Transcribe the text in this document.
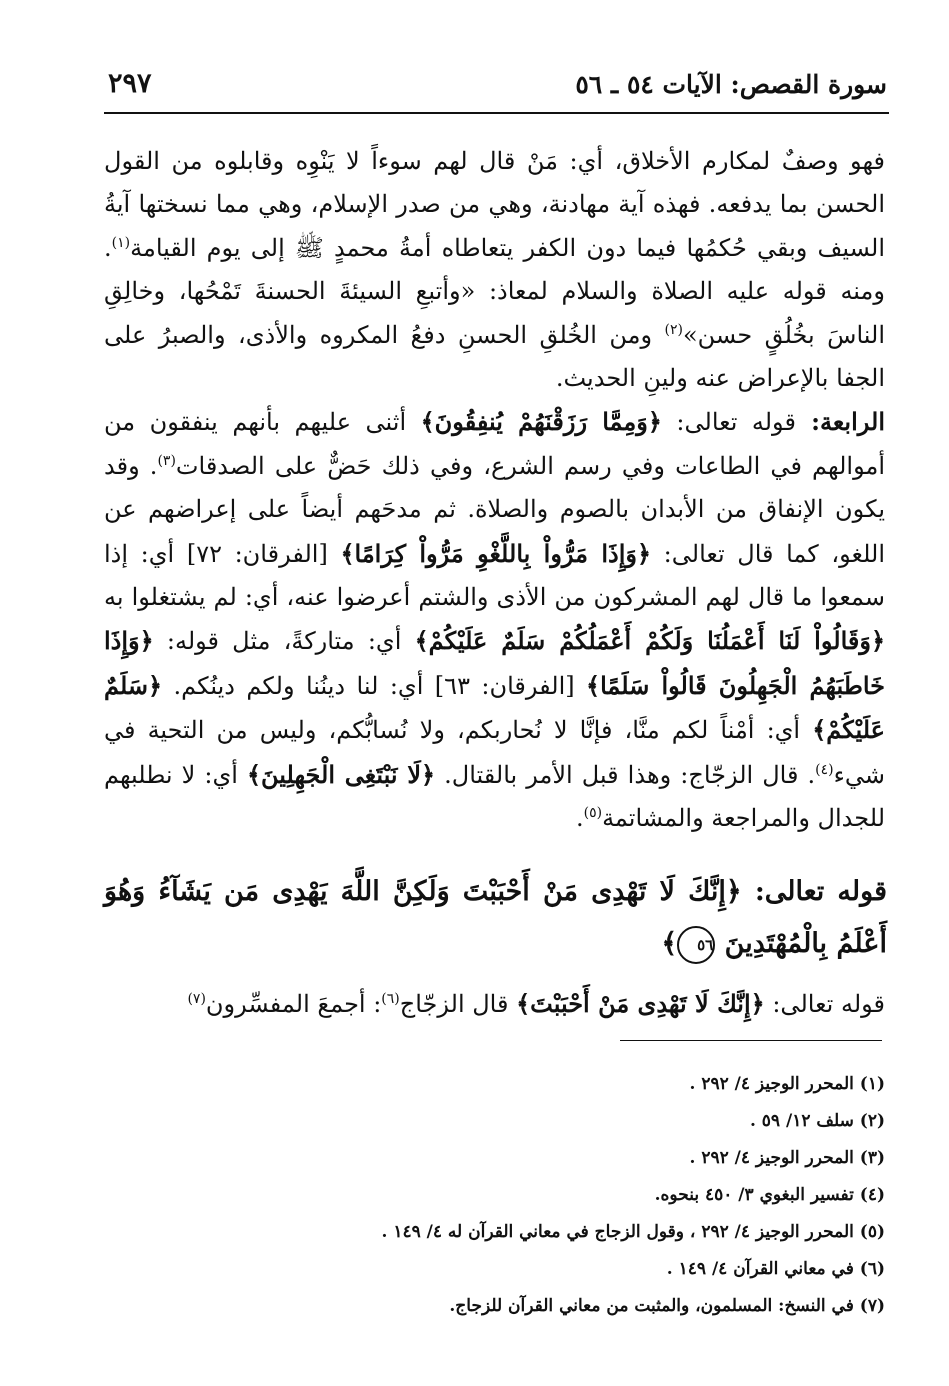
سورة القصص: الآيات ٥٤ ـ ٥٦
٢٩٧

فهو وصفٌ لمكارم الأخلاق، أي: مَنْ قال لهم سوءاً لا يَنْوِه وقابلوه من القول الحسن بما يدفعه. فهذه آية مهادنة، وهي من صدر الإسلام، وهي مما نسختها آيةُ السيف وبقي حُكمُها فيما دون الكفر يتعاطاه أمةُ محمدٍ ﷺ إلى يوم القيامة$^{(١)}$. ومنه قوله عليه الصلاة والسلام لمعاذ: «وأتبعِ السيئةَ الحسنةَ تَمْحُها، وخالِقِ الناسَ بخُلُقٍ حسن»$^{(٢)}$ ومن الخُلقِ الحسنِ دفعُ المكروه والأذى، والصبرُ على الجفا بالإعراض عنه ولينِ الحديث.

الرابعة: قوله تعالى: ﴿وَمِمَّا رَزَقْنَهُمْ يُنفِقُونَ﴾ أثنى عليهم بأنهم ينفقون من أموالهم في الطاعات وفي رسم الشرع، وفي ذلك حَضٌّ على الصدقات$^{(٣)}$. وقد يكون الإنفاق من الأبدان بالصوم والصلاة. ثم مدحَهم أيضاً على إعراضهم عن اللغو، كما قال تعالى: ﴿وَإِذَا مَرُّواْ بِاللَّغْوِ مَرُّواْ كِرَامًا﴾ [الفرقان: ٧٢] أي: إذا سمعوا ما قال لهم المشركون من الأذى والشتم أعرضوا عنه، أي: لم يشتغلوا به ﴿وَقَالُواْ لَنَا أَعْمَلُنَا وَلَكُمْ أَعْمَلُكُمْ سَلَمٌ عَلَيْكُمْ﴾ أي: متاركةً، مثل قوله: ﴿وَإِذَا خَاطَبَهُمُ الْجَهِلُونَ قَالُواْ سَلَمًا﴾ [الفرقان: ٦٣] أي: لنا دينُنا ولكم دينُكم. ﴿سَلَمٌ عَلَيْكُمْ﴾ أي: أمْناً لكم منَّا، فإنَّا لا نُحاربكم، ولا نُسابُّكم، وليس من التحية في شيء$^{(٤)}$. قال الزجّاج: وهذا قبل الأمر بالقتال. ﴿لَا نَبْتَغِى الْجَهِلِينَ﴾ أي: لا نطلبهم للجدال والمراجعة والمشاتمة$^{(٥)}$.

قوله تعالى: ﴿إِنَّكَ لَا تَهْدِى مَنْ أَحْبَبْتَ وَلَكِنَّ اللَّهَ يَهْدِى مَن يَشَآءُ وَهُوَ أَعْلَمُ بِالْمُهْتَدِينَ ٥٦﴾

قوله تعالى: ﴿إِنَّكَ لَا تَهْدِى مَنْ أَحْبَبْتَ﴾ قال الزجّاج$^{(٦)}$: أجمعَ المفسِّرون$^{(٧)}$

(١) المحرر الوجيز ٤/ ٢٩٢ .

(٢) سلف ١٢/ ٥٩ .

(٣) المحرر الوجيز ٤/ ٢٩٢ .

(٤) تفسير البغوي ٣/ ٤٥٠ بنحوه.

(٥) المحرر الوجيز ٤/ ٢٩٢ ، وقول الزجاج في معاني القرآن له ٤/ ١٤٩ .

(٦) في معاني القرآن ٤/ ١٤٩ .

(٧) في النسخ: المسلمون، والمثبت من معاني القرآن للزجاج.
